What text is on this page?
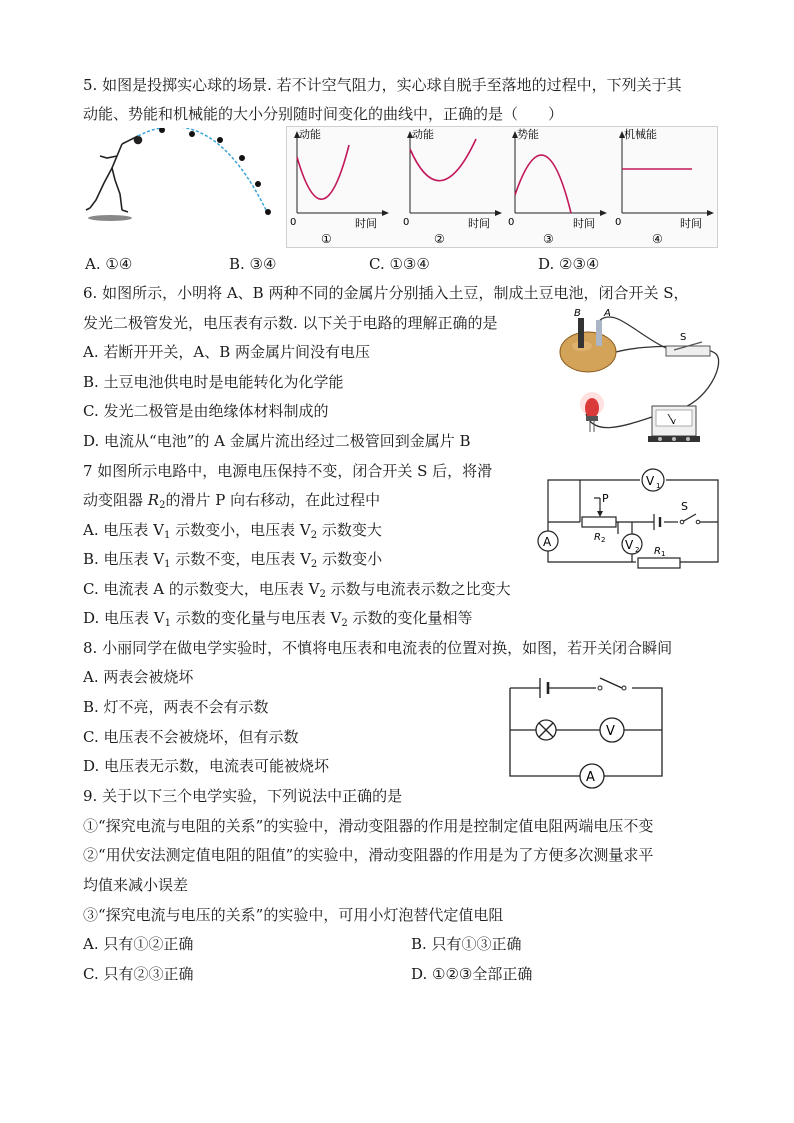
5. 如图是投掷实心球的场景. 若不计空气阻力，实心球自脱手至落地的过程中，下列关于其
动能、势能和机械能的大小分别随时间变化的曲线中，正确的是（　　）
动能
0	时间
①
动能
0	时间
②
势能
0	时间
③
机械能
0	时间
④
A. ①④	B. ③④	C. ①③④	D. ②③④
6. 如图所示，小明将 A、B 两种不同的金属片分别插入土豆，制成土豆电池，闭合开关 S，
发光二极管发光，电压表有示数. 以下关于电路的理解正确的是
A. 若断开开关，A、B 两金属片间没有电压
B. 土豆电池供电时是电能转化为化学能
C. 发光二极管是由绝缘体材料制成的
D. 电流从“电池”的 A 金属片流出经过二极管回到金属片 B
B A
S
V
7 如图所示电路中，电源电压保持不变，闭合开关 S 后，将滑
动变阻器 $R_2$的滑片 P 向右移动，在此过程中
A. 电压表 $V_1$ 示数变小，电压表 $V_2$ 示数变大
B. 电压表 $V_1$ 示数不变，电压表 $V_2$ 示数变小
C. 电流表 A 的示数变大，电压表 $V_2$ 示数与电流表示数之比变大
D. 电压表 $V_1$ 示数的变化量与电压表 $V_2$ 示数的变化量相等
V 1
A	V 2
P
S
R 2
R 1
8. 小丽同学在做电学实验时，不慎将电压表和电流表的位置对换，如图，若开关闭合瞬间
A. 两表会被烧坏
B. 灯不亮，两表不会有示数
C. 电压表不会被烧坏，但有示数
D. 电压表无示数，电流表可能被烧坏
V
A
9. 关于以下三个电学实验，下列说法中正确的是
①“探究电流与电阻的关系”的实验中，滑动变阻器的作用是控制定值电阻两端电压不变
②“用伏安法测定值电阻的阻值”的实验中，滑动变阻器的作用是为了方便多次测量求平
均值来减小误差
③“探究电流与电压的关系”的实验中，可用小灯泡替代定值电阻
A. 只有①②正确	B. 只有①③正确
C. 只有②③正确	D. ①②③全部正确
